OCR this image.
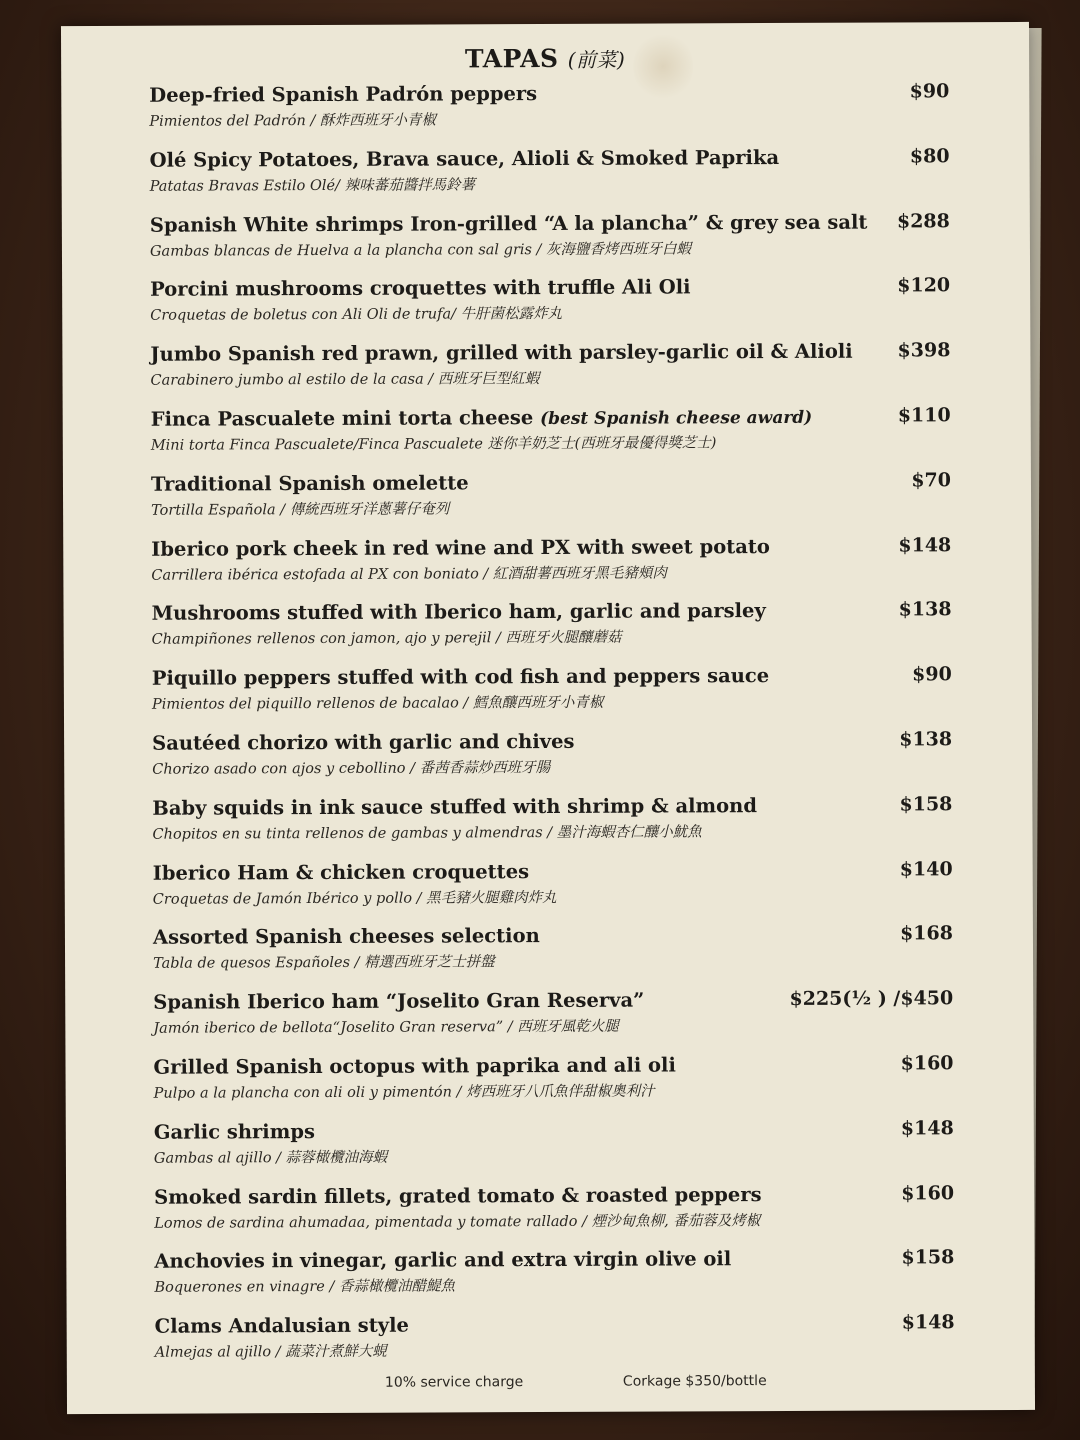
TAPAS (前菜)
Deep-fried Spanish Padrón peppers
Pimientos del Padrón / 酥炸西班牙小青椒
$90
Olé Spicy Potatoes, Brava sauce, Alioli & Smoked Paprika
Patatas Bravas Estilo Olé/ 辣味蕃茄醬拌馬鈴薯
$80
Spanish White shrimps Iron-grilled “A la plancha” & grey sea salt
Gambas blancas de Huelva a la plancha con sal gris / 灰海鹽香烤西班牙白蝦
$288
Porcini mushrooms croquettes with truffle Ali Oli
Croquetas de boletus con Ali Oli de trufa/ 牛肝菌松露炸丸
$120
Jumbo Spanish red prawn, grilled with parsley-garlic oil & Alioli
Carabinero jumbo al estilo de la casa / 西班牙巨型紅蝦
$398
Finca Pascualete mini torta cheese (best Spanish cheese award)
Mini torta Finca Pascualete/Finca Pascualete 迷你羊奶芝士(西班牙最優得獎芝士)
$110
Traditional Spanish omelette
Tortilla Española / 傳統西班牙洋蔥薯仔奄列
$70
Iberico pork cheek in red wine and PX with sweet potato
Carrillera ibérica estofada al PX con boniato / 紅酒甜薯西班牙黑毛豬頰肉
$148
Mushrooms stuffed with Iberico ham, garlic and parsley
Champiñones rellenos con jamon, ajo y perejil / 西班牙火腿釀蘑菇
$138
Piquillo peppers stuffed with cod fish and peppers sauce
Pimientos del piquillo rellenos de bacalao / 鱈魚釀西班牙小青椒
$90
Sautéed chorizo with garlic and chives
Chorizo asado con ajos y cebollino / 番茜香蒜炒西班牙腸
$138
Baby squids in ink sauce stuffed with shrimp & almond
Chopitos en su tinta rellenos de gambas y almendras / 墨汁海蝦杏仁釀小魷魚
$158
Iberico Ham & chicken croquettes
Croquetas de Jamón Ibérico y pollo / 黑毛豬火腿雞肉炸丸
$140
Assorted Spanish cheeses selection
Tabla de quesos Españoles / 精選西班牙芝士拼盤
$168
Spanish Iberico ham “Joselito Gran Reserva”
Jamón iberico de bellota“Joselito Gran reserva” / 西班牙風乾火腿
$225(½ ) /$450
Grilled Spanish octopus with paprika and ali oli
Pulpo a la plancha con ali oli y pimentón / 烤西班牙八爪魚伴甜椒奧利汁
$160
Garlic shrimps
Gambas al ajillo / 蒜蓉橄欖油海蝦
$148
Smoked sardin fillets, grated tomato & roasted peppers
Lomos de sardina ahumadaa, pimentada y tomate rallado / 煙沙甸魚柳, 番茄蓉及烤椒
$160
Anchovies in vinegar, garlic and extra virgin olive oil
Boquerones en vinagre / 香蒜橄欖油醋鯷魚
$158
Clams Andalusian style
Almejas al ajillo / 蔬菜汁煮鮮大蜆
$148
10% service charge	Corkage $350/bottle
